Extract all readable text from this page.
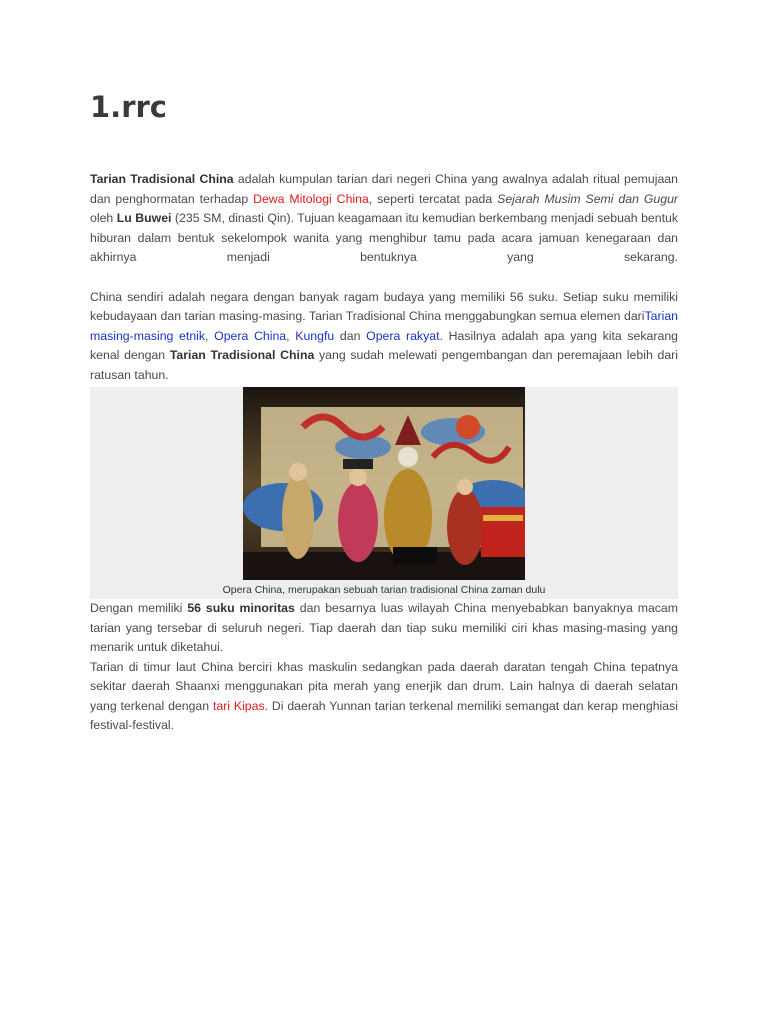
1.rrc

Tarian Tradisional China adalah kumpulan tarian dari negeri China yang awalnya adalah ritual pemujaan dan penghormatan terhadap Dewa Mitologi China, seperti tercatat pada Sejarah Musim Semi dan Gugur oleh Lu Buwei (235 SM, dinasti Qin). Tujuan keagamaan itu kemudian berkembang menjadi sebuah bentuk hiburan dalam bentuk sekelompok wanita yang menghibur tamu pada acara jamuan kenegaraan dan akhirnya menjadi bentuknya yang sekarang.

China sendiri adalah negara dengan banyak ragam budaya yang memiliki 56 suku. Setiap suku memiliki kebudayaan dan tarian masing-masing. Tarian Tradisional China menggabungkan semua elemen dariTarian masing-masing etnik, Opera China, Kungfu dan Opera rakyat. Hasilnya adalah apa yang kita sekarang kenal dengan Tarian Tradisional China yang sudah melewati pengembangan dan peremajaan lebih dari ratusan tahun.

Opera China, merupakan sebuah tarian tradisional China zaman dulu

Dengan memiliki 56 suku minoritas dan besarnya luas wilayah China menyebabkan banyaknya macam tarian yang tersebar di seluruh negeri. Tiap daerah dan tiap suku memiliki ciri khas masing-masing yang menarik untuk diketahui.

Tarian di timur laut China berciri khas maskulin sedangkan pada daerah daratan tengah China tepatnya sekitar daerah Shaanxi menggunakan pita merah yang enerjik dan drum. Lain halnya di daerah selatan yang terkenal dengan tari Kipas. Di daerah Yunnan tarian terkenal memiliki semangat dan kerap menghiasi festival-festival.
